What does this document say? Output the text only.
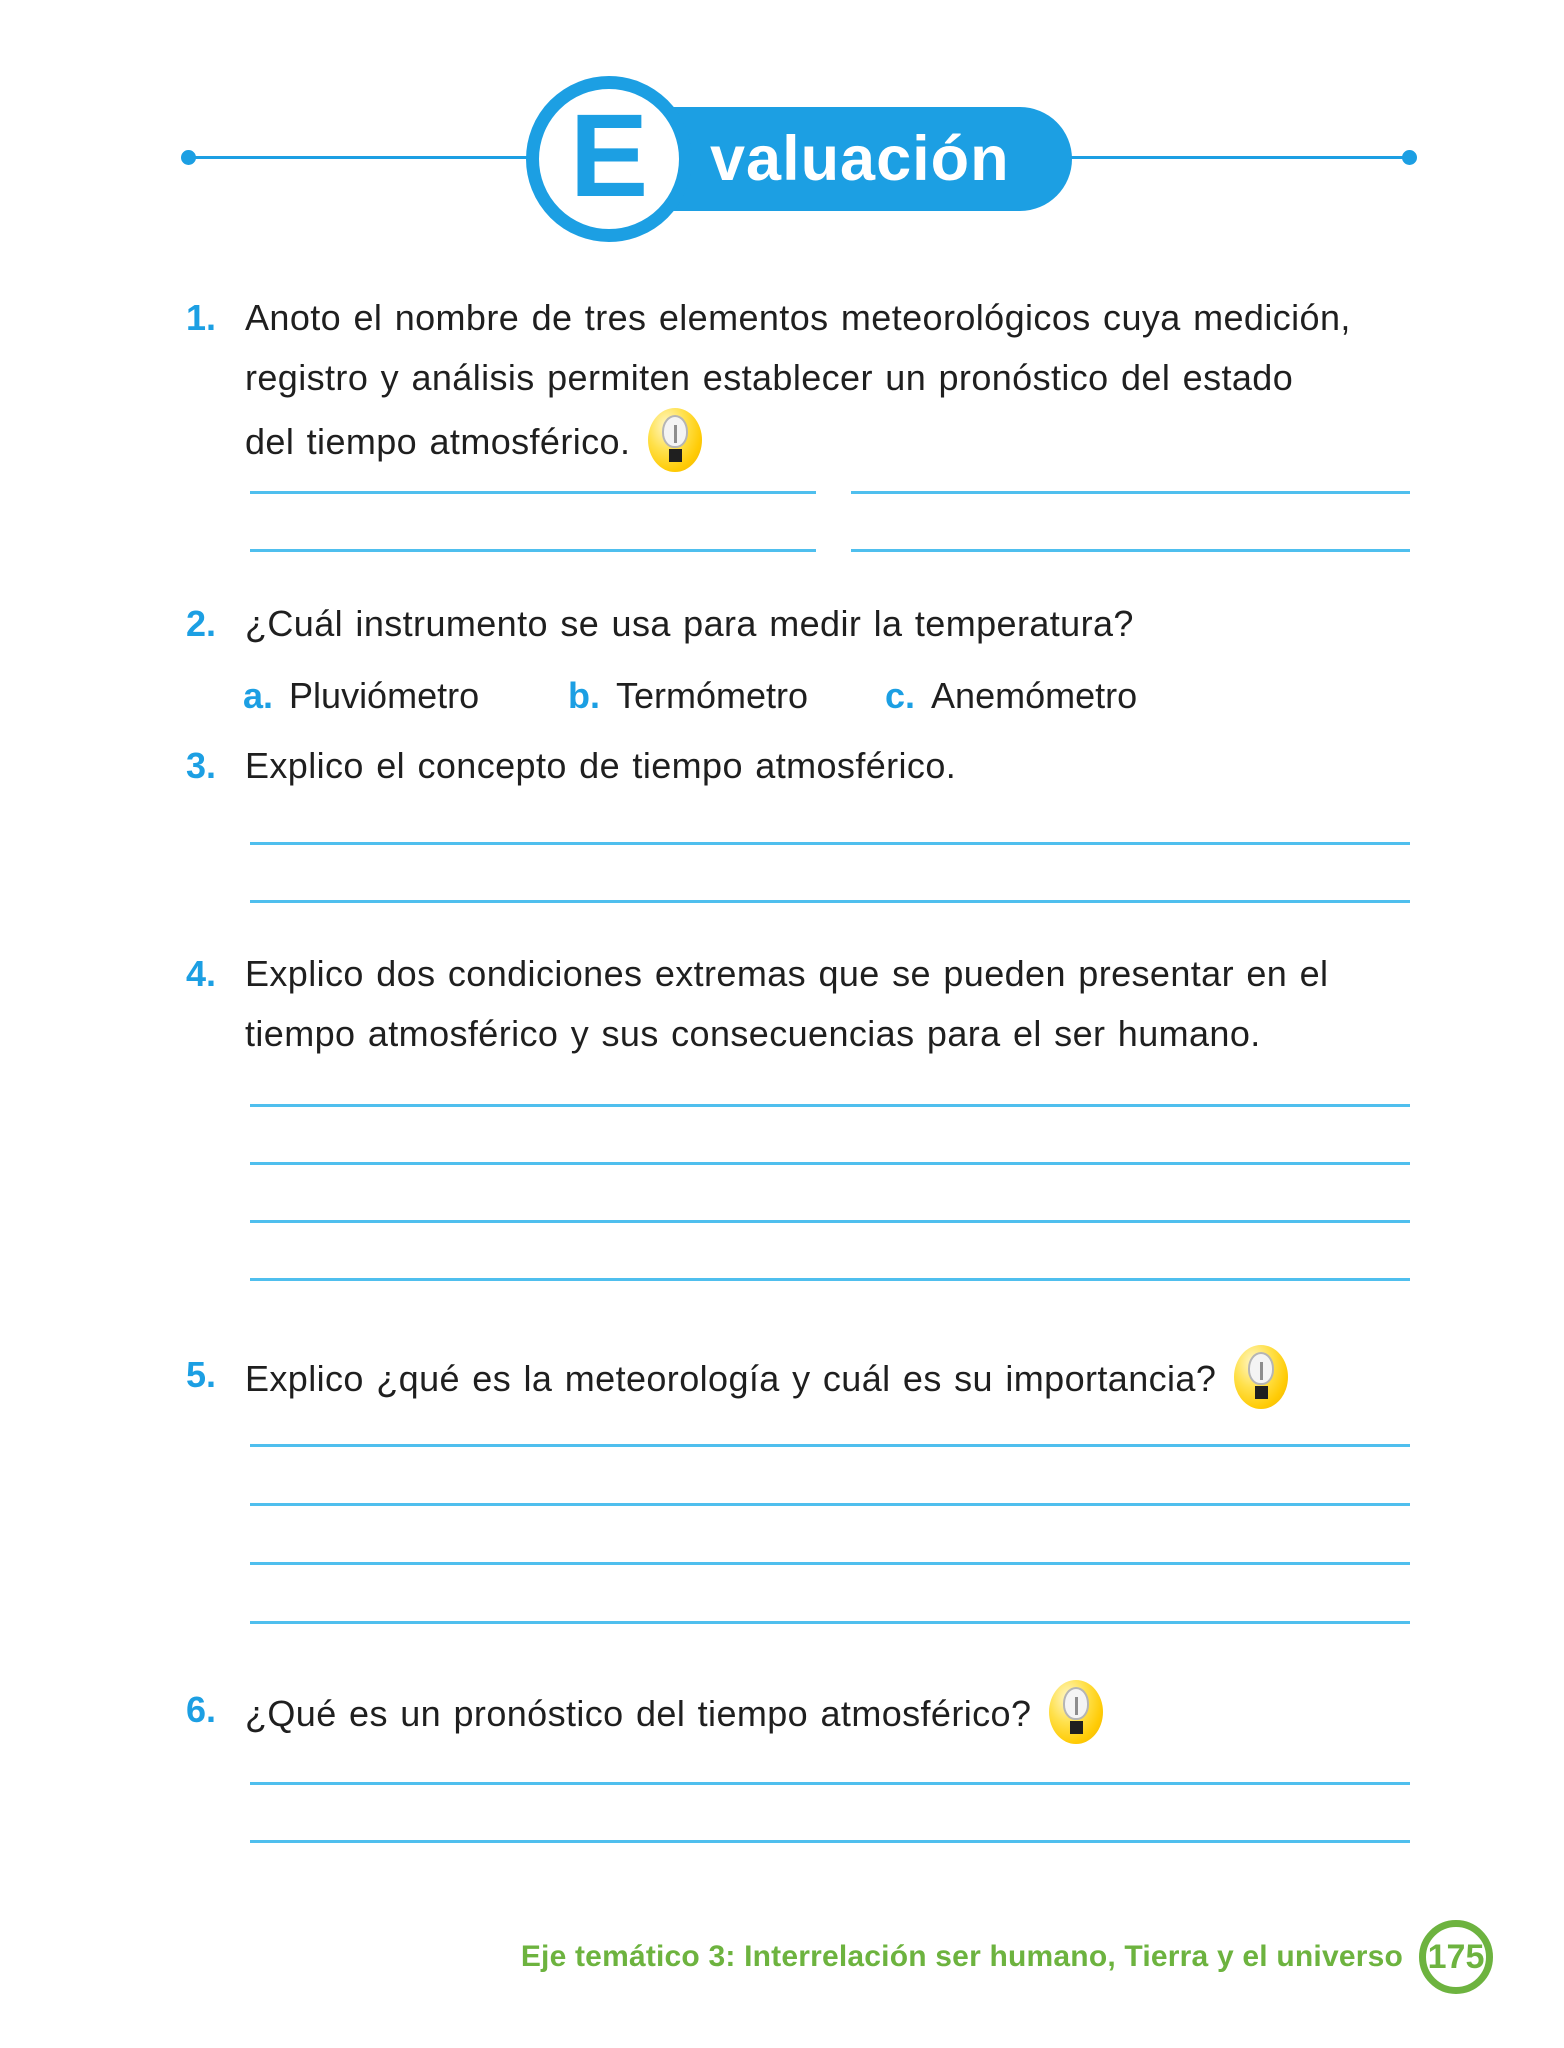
valuación
E
1. Anoto el nombre de tres elementos meteorológicos cuya medición,
registro y análisis permiten establecer un pronóstico del estado
del tiempo atmosférico.
2. ¿Cuál instrumento se usa para medir la temperatura?
a. Pluviómetro b. Termómetro c. Anemómetro
3. Explico el concepto de tiempo atmosférico.
4. Explico dos condiciones extremas que se pueden presentar en el
tiempo atmosférico y sus consecuencias para el ser humano.
5. Explico ¿qué es la meteorología y cuál es su importancia?
6. ¿Qué es un pronóstico del tiempo atmosférico?
Eje temático 3: Interrelación ser humano, Tierra y el universo 175
